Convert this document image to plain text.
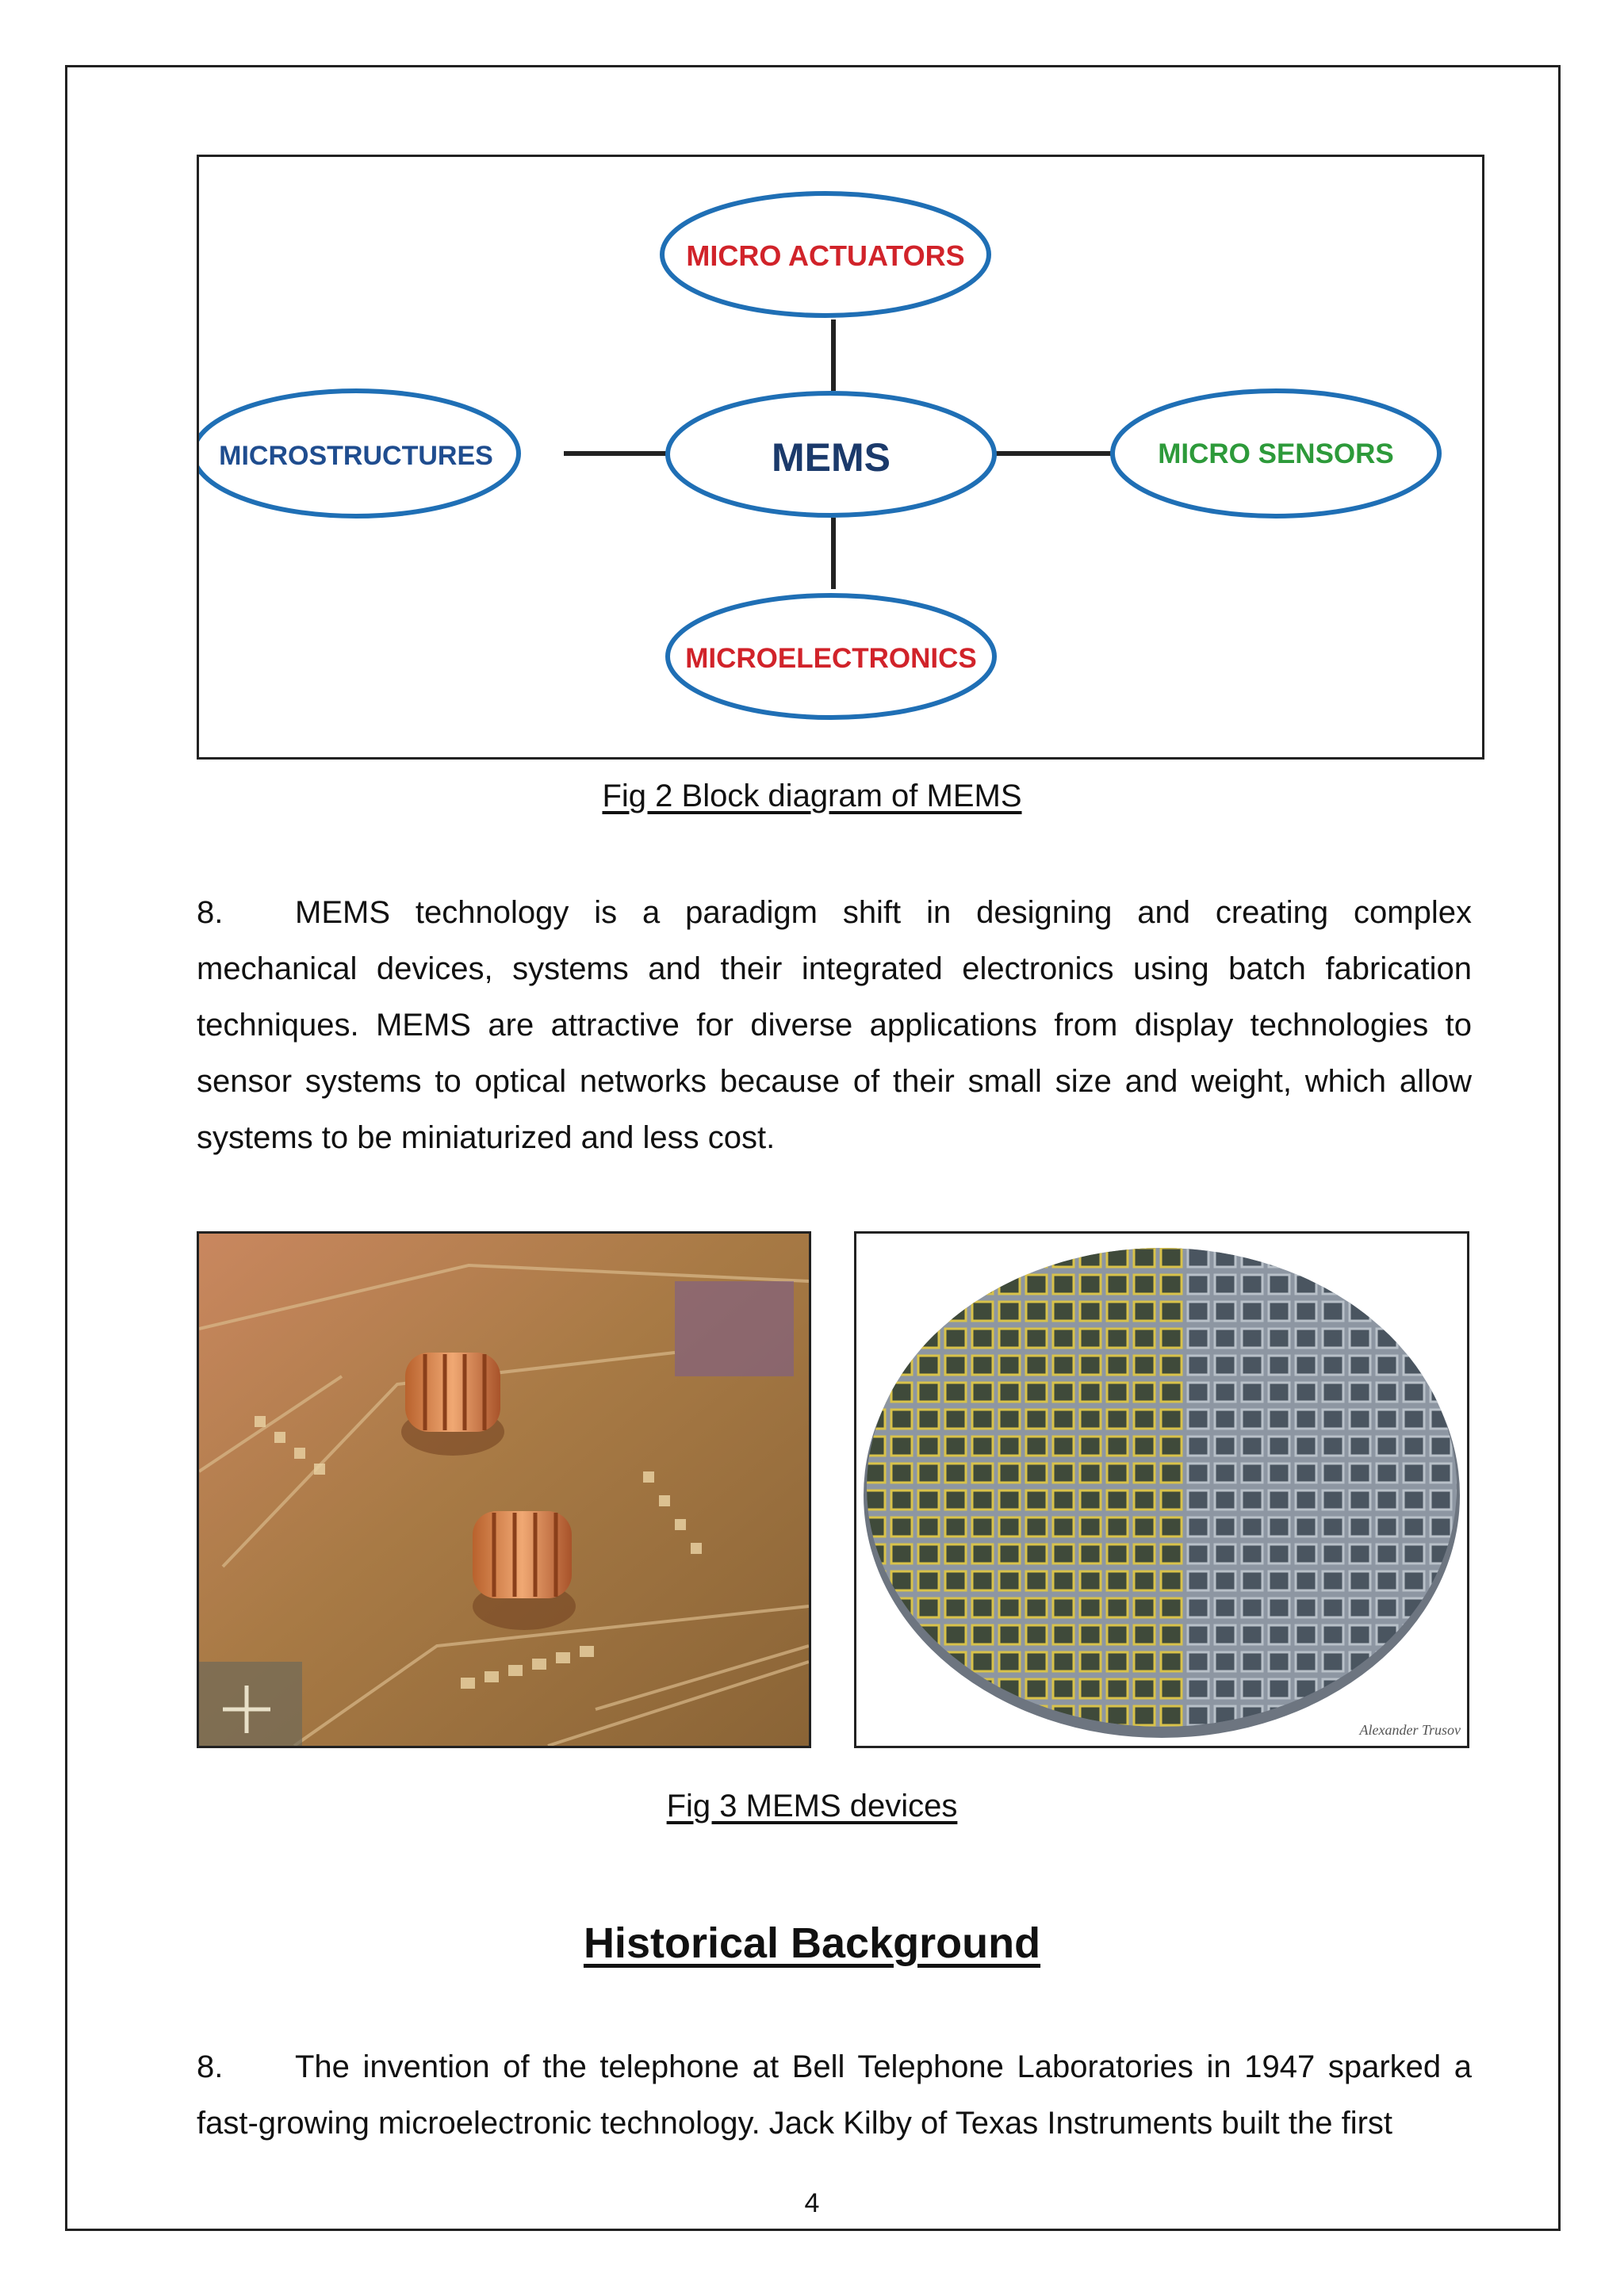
MICRO ACTUATORS
MEMS
MICROSTRUCTURES	MICRO SENSORS
MICROELECTRONICS
Fig 2 Block diagram of MEMS
8. MEMS technology is a paradigm shift in designing and creating complex mechanical devices, systems and their integrated electronics using batch fabrication techniques. MEMS are attractive for diverse applications from display technologies to sensor systems to optical networks because of their small size and weight, which allow systems to be miniaturized and less cost.
Alexander Trusov
Fig 3 MEMS devices
Historical Background
8. The invention of the telephone at Bell Telephone Laboratories in 1947 sparked a fast-growing microelectronic technology. Jack Kilby of Texas Instruments built the first
4
